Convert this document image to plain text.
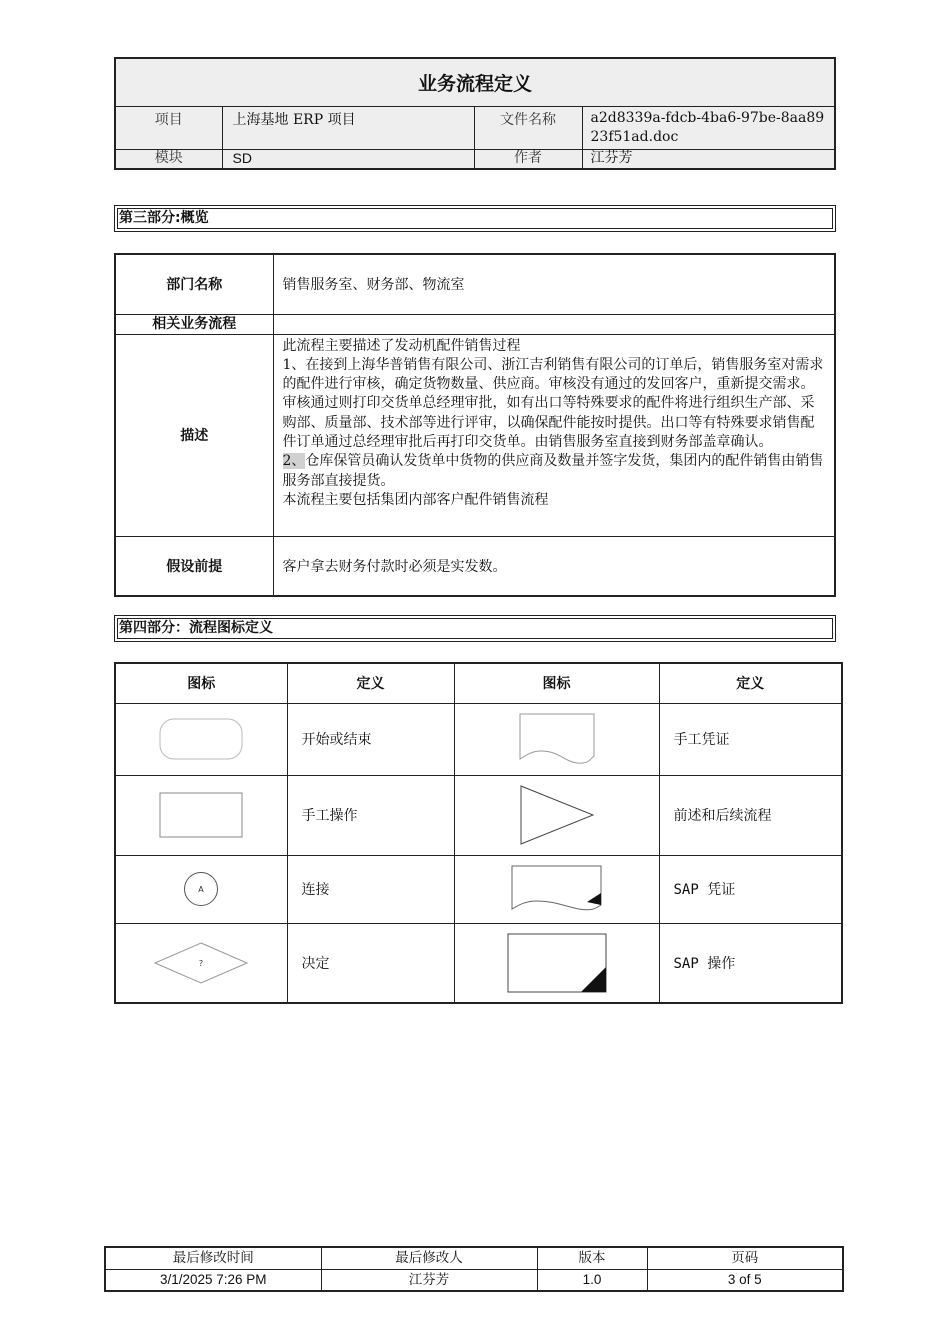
业务流程定义			
项目	上海基地 ERP 项目	文件名称	a2d8339a-fdcb-4ba6-97be-8aa8923f51ad.doc
模块	SD	作者	江芬芳
第三部分:概览
部门名称	销售服务室、财务部、物流室
相关业务流程	
描述	此流程主要描述了发动机配件销售过程

1、在接到上海华普销售有限公司、浙江吉利销售有限公司的订单后，销售服务室对需求的配件进行审核，确定货物数量、供应商。审核没有通过的发回客户，重新提交需求。审核通过则打印交货单总经理审批，如有出口等特殊要求的配件将进行组织生产部、采购部、质量部、技术部等进行评审，以确保配件能按时提供。出口等有特殊要求销售配件订单通过总经理审批后再打印交货单。由销售服务室直接到财务部盖章确认。

2、仓库保管员确认发货单中货物的供应商及数量并签字发货，集团内的配件销售由销售服务部直接提货。

本流程主要包括集团内部客户配件销售流程

假设前提	客户拿去财务付款时必须是实发数。
第四部分：流程图标定义
图标	定义	图标	定义

	开始或结束		手工凭证

	手工操作		前述和后续流程

A	连接		SAP 凭证

?	决定		SAP 操作
最后修改时间	最后修改人	版本	页码
3/1/2025 7:26 PM	江芬芳	1.0	3 of 5
